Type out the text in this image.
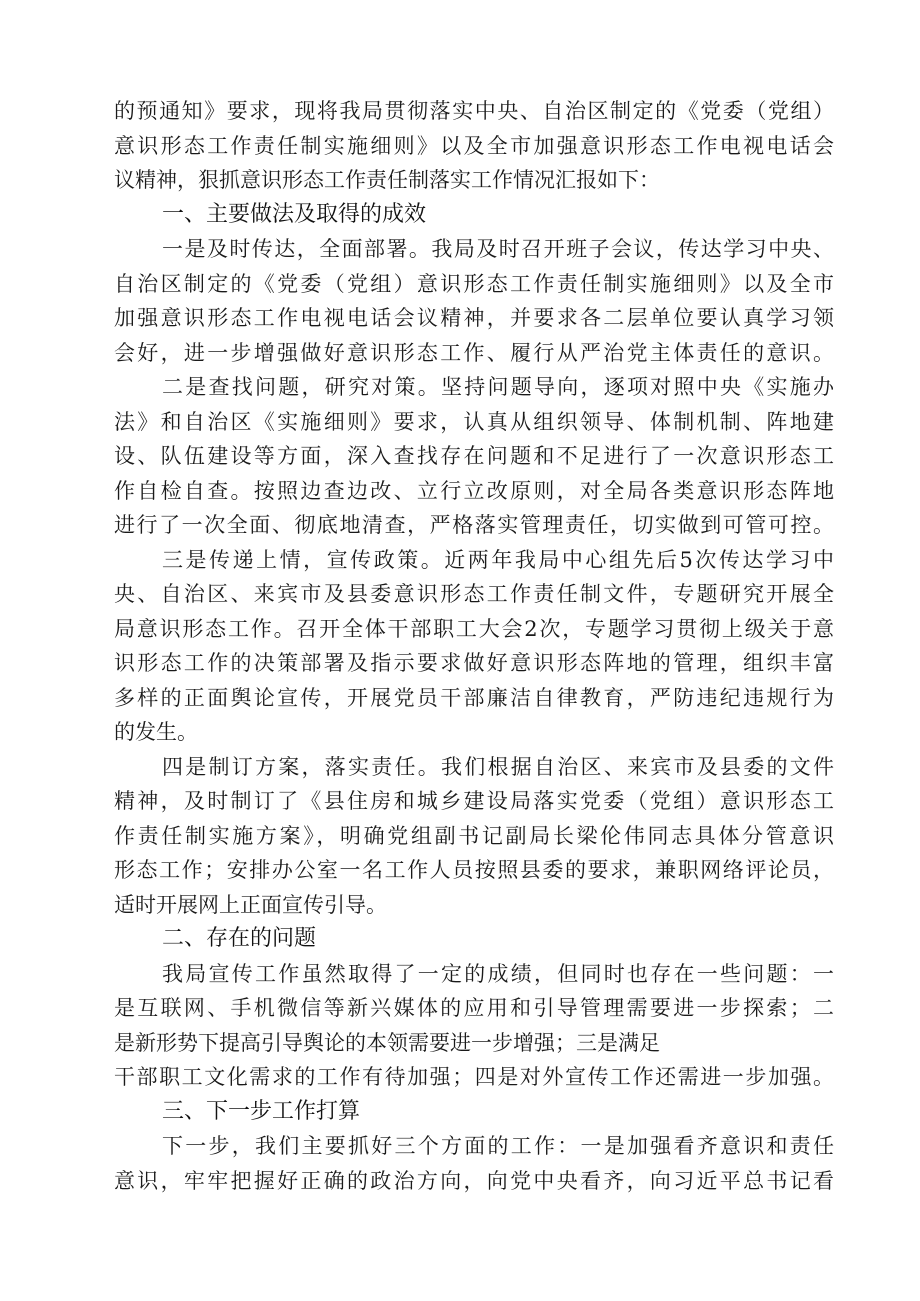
的预通知》要求，现将我局贯彻落实中央、自治区制定的《党委（党组）
意识形态工作责任制实施细则》以及全市加强意识形态工作电视电话会
议精神，狠抓意识形态工作责任制落实工作情况汇报如下：
一、主要做法及取得的成效
一是及时传达，全面部署。我局及时召开班子会议，传达学习中央、
自治区制定的《党委（党组）意识形态工作责任制实施细则》以及全市
加强意识形态工作电视电话会议精神，并要求各二层单位要认真学习领
会好，进一步增强做好意识形态工作、履行从严治党主体责任的意识。
二是查找问题，研究对策。坚持问题导向，逐项对照中央《实施办
法》和自治区《实施细则》要求，认真从组织领导、体制机制、阵地建
设、队伍建设等方面，深入查找存在问题和不足进行了一次意识形态工
作自检自查。按照边查边改、立行立改原则，对全局各类意识形态阵地
进行了一次全面、彻底地清查，严格落实管理责任，切实做到可管可控。
三是传递上情，宣传政策。近两年我局中心组先后5次传达学习中
央、自治区、来宾市及县委意识形态工作责任制文件，专题研究开展全
局意识形态工作。召开全体干部职工大会2次，专题学习贯彻上级关于意
识形态工作的决策部署及指示要求做好意识形态阵地的管理，组织丰富
多样的正面舆论宣传，开展党员干部廉洁自律教育，严防违纪违规行为
的发生。
四是制订方案，落实责任。我们根据自治区、来宾市及县委的文件
精神，及时制订了《县住房和城乡建设局落实党委（党组）意识形态工
作责任制实施方案》，明确党组副书记副局长梁伦伟同志具体分管意识
形态工作；安排办公室一名工作人员按照县委的要求，兼职网络评论员，
适时开展网上正面宣传引导。
二、存在的问题
我局宣传工作虽然取得了一定的成绩，但同时也存在一些问题：一
是互联网、手机微信等新兴媒体的应用和引导管理需要进一步探索；二
是新形势下提高引导舆论的本领需要进一步增强；三是满足
干部职工文化需求的工作有待加强；四是对外宣传工作还需进一步加强。
三、下一步工作打算
下一步，我们主要抓好三个方面的工作：一是加强看齐意识和责任
意识，牢牢把握好正确的政治方向，向党中央看齐，向习近平总书记看
